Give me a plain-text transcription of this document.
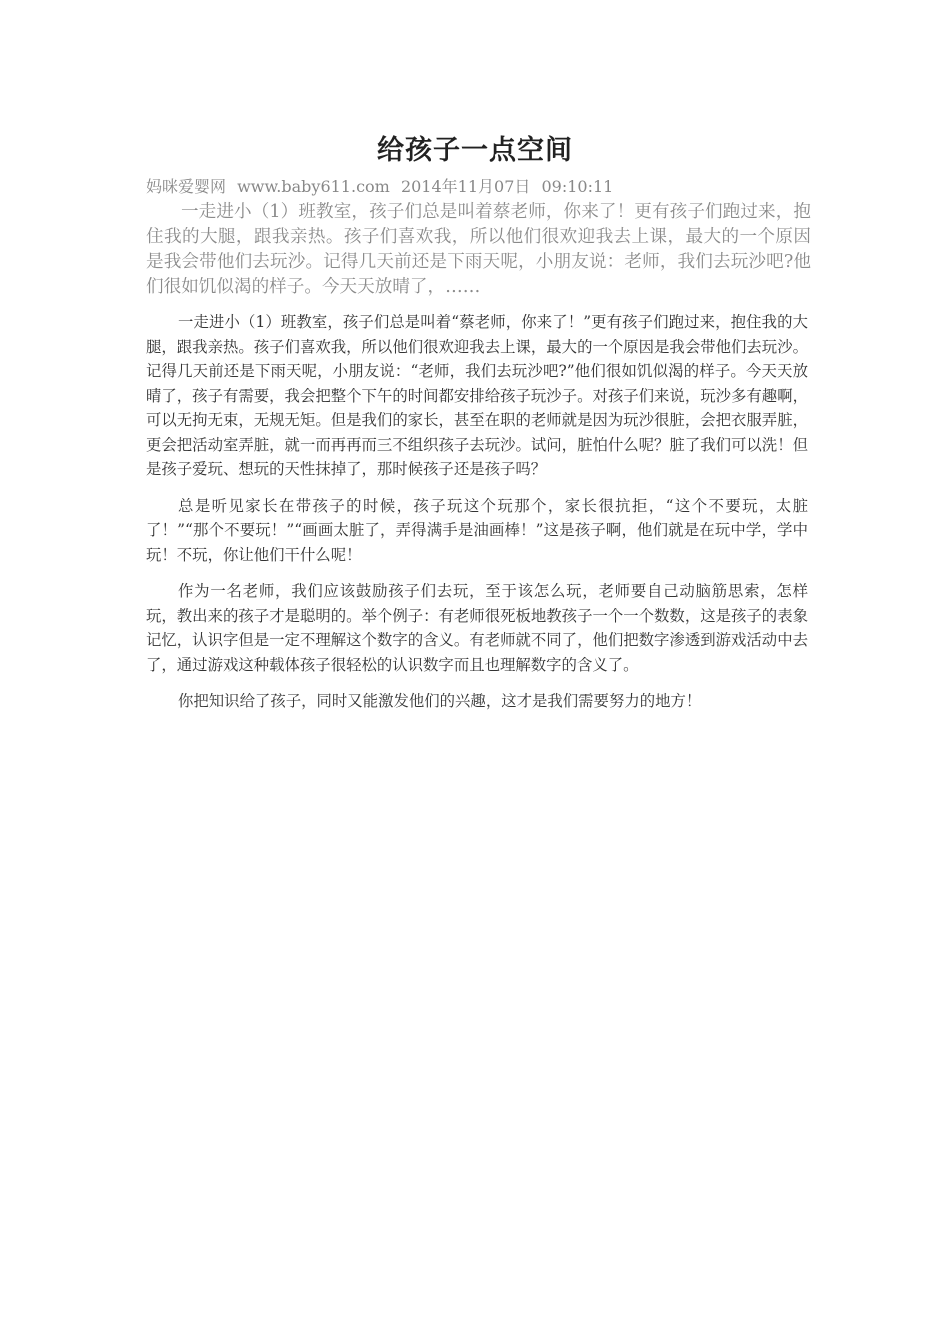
给孩子一点空间
妈咪爱婴网 www.baby611.com 2014年11月07日 09:10:11

一走进小（1）班教室，孩子们总是叫着蔡老师，你来了！更有孩子们跑过来，抱住我的大腿，跟我亲热。孩子们喜欢我，所以他们很欢迎我去上课，最大的一个原因是我会带他们去玩沙。记得几天前还是下雨天呢，小朋友说：老师，我们去玩沙吧?他们很如饥似渴的样子。今天天放晴了，……

一走进小（1）班教室，孩子们总是叫着“蔡老师，你来了！”更有孩子们跑过来，抱住我的大腿，跟我亲热。孩子们喜欢我，所以他们很欢迎我去上课，最大的一个原因是我会带他们去玩沙。记得几天前还是下雨天呢，小朋友说：“老师，我们去玩沙吧?”他们很如饥似渴的样子。今天天放晴了，孩子有需要，我会把整个下午的时间都安排给孩子玩沙子。对孩子们来说，玩沙多有趣啊，可以无拘无束，无规无矩。但是我们的家长，甚至在职的老师就是因为玩沙很脏，会把衣服弄脏，更会把活动室弄脏，就一而再再而三不组织孩子去玩沙。试问，脏怕什么呢？脏了我们可以洗！但是孩子爱玩、想玩的天性抹掉了，那时候孩子还是孩子吗？

总是听见家长在带孩子的时候，孩子玩这个玩那个，家长很抗拒，“这个不要玩，太脏了！”“那个不要玩！”“画画太脏了，弄得满手是油画棒！”这是孩子啊，他们就是在玩中学，学中玩！不玩，你让他们干什么呢！

作为一名老师，我们应该鼓励孩子们去玩，至于该怎么玩，老师要自己动脑筋思索，怎样玩，教出来的孩子才是聪明的。举个例子：有老师很死板地教孩子一个一个数数，这是孩子的表象记忆，认识字但是一定不理解这个数字的含义。有老师就不同了，他们把数字渗透到游戏活动中去了，通过游戏这种载体孩子很轻松的认识数字而且也理解数字的含义了。

你把知识给了孩子，同时又能激发他们的兴趣，这才是我们需要努力的地方！
